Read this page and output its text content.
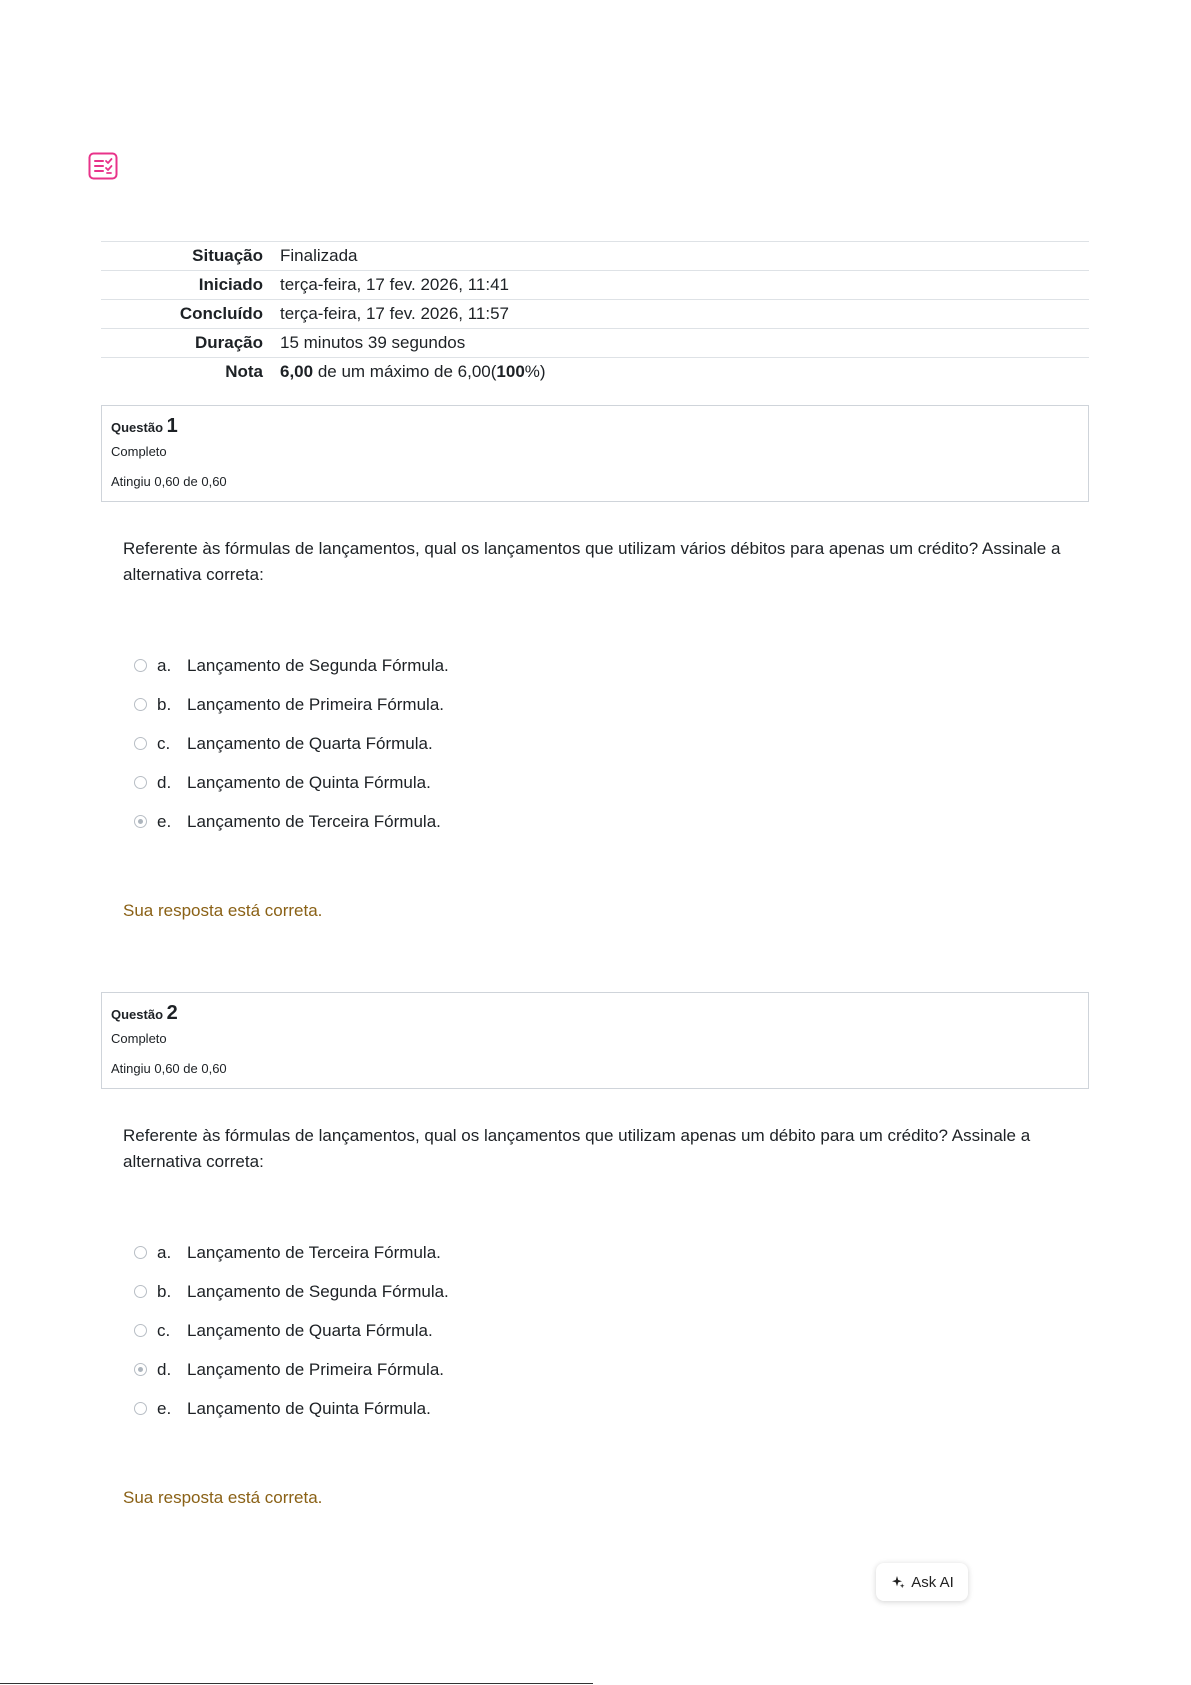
Situação	Finalizada
Iniciado	terça-feira, 17 fev. 2026, 11:41
Concluído	terça-feira, 17 fev. 2026, 11:57
Duração	15 minutos 39 segundos
Nota	6,00 de um máximo de 6,00(100%)
Questão 1
Completo
Atingiu 0,60 de 0,60
Referente às fórmulas de lançamentos, qual os lançamentos que utilizam vários débitos para apenas um crédito? Assinale a alternativa correta:
a. Lançamento de Segunda Fórmula.
b. Lançamento de Primeira Fórmula.
c. Lançamento de Quarta Fórmula.
d. Lançamento de Quinta Fórmula.
e. Lançamento de Terceira Fórmula.
Sua resposta está correta.
Questão 2
Completo
Atingiu 0,60 de 0,60
Referente às fórmulas de lançamentos, qual os lançamentos que utilizam apenas um débito para um crédito? Assinale a alternativa correta:
a. Lançamento de Terceira Fórmula.
b. Lançamento de Segunda Fórmula.
c. Lançamento de Quarta Fórmula.
d. Lançamento de Primeira Fórmula.
e. Lançamento de Quinta Fórmula.
Sua resposta está correta.
Ask AI
